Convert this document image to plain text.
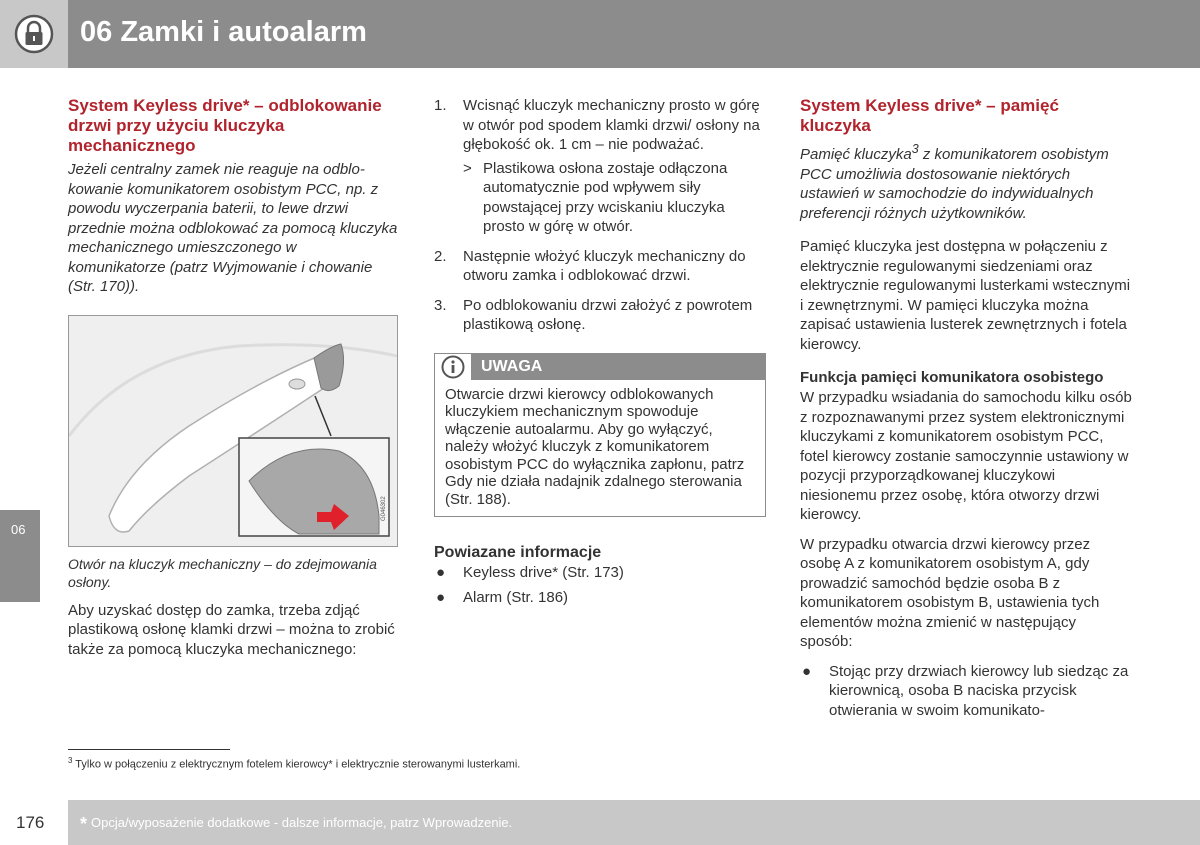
06 Zamki i autoalarm
06
System Keyless drive* – odblokowanie drzwi przy użyciu kluczyka mechanicznego

Jeżeli centralny zamek nie reaguje na odblokowanie komunikatorem osobistym PCC, np. z powodu wyczerpania baterii, to lewe drzwi przednie można odblokować za pomocą kluczyka mechanicznego umieszczonego w komunikatorze (patrz Wyjmowanie i chowanie (Str. 170)).

G046302

Otwór na kluczyk mechaniczny – do zdejmowania osłony.

Aby uzyskać dostęp do zamka, trzeba zdjąć plastikową osłonę klamki drzwi – można to zrobić także za pomocą kluczyka mechanicznego:

1. Wcisnąć kluczyk mechaniczny prosto w górę w otwór pod spodem klamki drzwi/ osłony na głębokość ok. 1 cm – nie podważać.
> Plastikowa osłona zostaje odłączona automatycznie pod wpływem siły powstającej przy wciskaniu kluczyka prosto w górę w otwór.
2. Następnie włożyć kluczyk mechaniczny do otworu zamka i odblokować drzwi.
3. Po odblokowaniu drzwi założyć z powrotem plastikową osłonę.
UWAGA
Otwarcie drzwi kierowcy odblokowanych kluczykiem mechanicznym spowoduje włączenie autoalarmu. Aby go wyłączyć, należy włożyć kluczyk z komunikatorem osobistym PCC do wyłącznika zapłonu, patrz Gdy nie działa nadajnik zdalnego sterowania (Str. 188).
Powiazane informacje
● Keyless drive* (Str. 173)
● Alarm (Str. 186)
System Keyless drive* – pamięć kluczyka

Pamięć kluczyka$^3$ z komunikatorem osobistym PCC umożliwia dostosowanie niektórych ustawień w samochodzie do indywidualnych preferencji różnych użytkowników.

Pamięć kluczyka jest dostępna w połączeniu z elektrycznie regulowanymi siedzeniami oraz elektrycznie regulowanymi lusterkami wstecznymi i zewnętrznymi. W pamięci kluczyka można zapisać ustawienia lusterek zewnętrznych i fotela kierowcy.

Funkcja pamięci komunikatora osobistego

W przypadku wsiadania do samochodu kilku osób z rozpoznawanymi przez system elektronicznymi kluczykami z komunikatorem osobistym PCC, fotel kierowcy zostanie samoczynnie ustawiony w pozycji przyporządkowanej kluczykowi niesionemu przez osobę, która otworzy drzwi kierowcy.

W przypadku otwarcia drzwi kierowcy przez osobę A z komunikatorem osobistym A, gdy prowadzić samochód będzie osoba B z komunikatorem osobistym B, ustawienia tych elementów można zmienić w następujący sposób:

● Stojąc przy drzwiach kierowcy lub siedząc za kierownicą, osoba B naciska przycisk otwierania w swoim komunikato-
$^3$ Tylko w połączeniu z elektrycznym fotelem kierowcy* i elektrycznie sterowanymi lusterkami.
176 * Opcja/wyposażenie dodatkowe - dalsze informacje, patrz Wprowadzenie.
